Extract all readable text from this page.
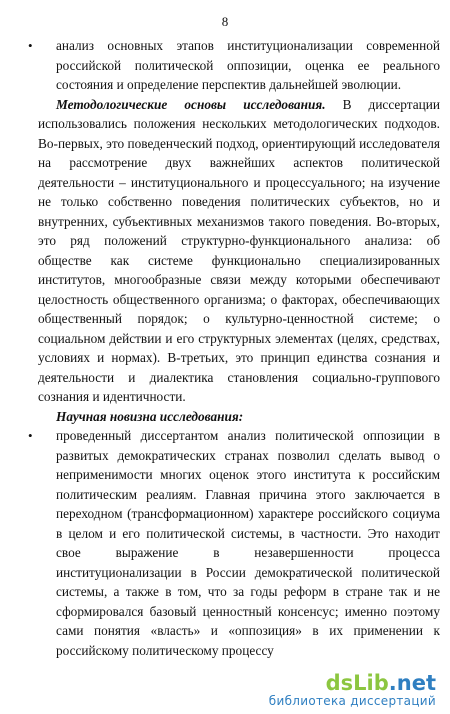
8

• анализ основных этапов институционализации современной российской политической оппозиции, оценка ее реального состояния и определение перспектив дальнейшей эволюции.

Методологические основы исследования. В диссертации использовались положения нескольких методологических подходов. Во-первых, это поведенческий подход, ориентирующий исследователя на рассмотрение двух важнейших аспектов политической деятельности – институционального и процессуального; на изучение не только собственно поведения политических субъектов, но и внутренних, субъективных механизмов такого поведения. Во-вторых, это ряд положений структурно-функционального анализа: об обществе как системе функционально специализированных институтов, многообразные связи между которыми обеспечивают целостность общественного организма; о факторах, обеспечивающих общественный порядок; о культурно-ценностной системе; о социальном действии и его структурных элементах (целях, средствах, условиях и нормах). В-третьих, это принцип единства сознания и деятельности и диалектика становления социально-группового сознания и идентичности.

Научная новизна исследования:

• проведенный диссертантом анализ политической оппозиции в развитых демократических странах позволил сделать вывод о неприменимости многих оценок этого института к российским политическим реалиям. Главная причина этого заключается в переходном (трансформационном) характере российского социума в целом и его политической системы, в частности. Это находит свое выражение в незавершенности процесса институционализации в России демократической политической системы, а также в том, что за годы реформ в стране так и не сформировался базовый ценностный консенсус; именно поэтому сами понятия «власть» и «оппозиция» в их применении к российскому политическому процессу

dsLib.net
библиотека диссертаций
